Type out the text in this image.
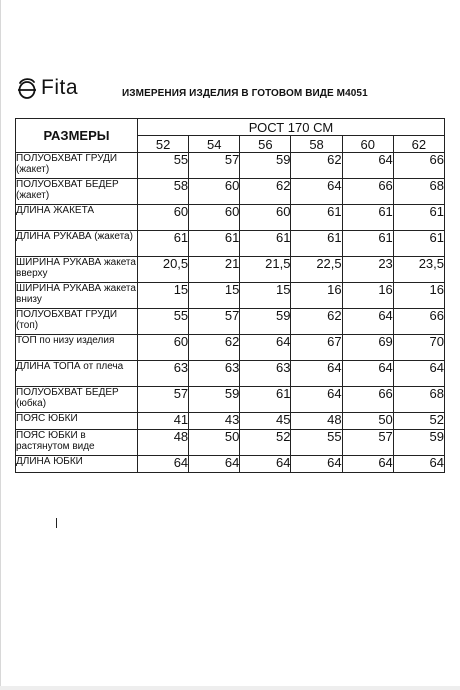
Fita	ИЗМЕРЕНИЯ ИЗДЕЛИЯ В ГОТОВОМ ВИДЕ М4051
РАЗМЕРЫ	РОСТ 170 СМ					
	52	54	56	58	60	62
ПОЛУОБХВАТ ГРУДИ (жакет)	55	57	59	62	64	66
ПОЛУОБХВАТ БЕДЕР (жакет)	58	60	62	64	66	68
ДЛИНА ЖАКЕТА	60	60	60	61	61	61
ДЛИНА РУКАВА (жакета)	61	61	61	61	61	61
ШИРИНА РУКАВА жакета вверху	20,5	21	21,5	22,5	23	23,5
ШИРИНА РУКАВА жакета внизу	15	15	15	16	16	16
ПОЛУОБХВАТ ГРУДИ (топ)	55	57	59	62	64	66
ТОП по низу изделия	60	62	64	67	69	70
ДЛИНА ТОПА от плеча	63	63	63	64	64	64
ПОЛУОБХВАТ БЕДЕР (юбка)	57	59	61	64	66	68
ПОЯС ЮБКИ	41	43	45	48	50	52
ПОЯС ЮБКИ в растянутом виде	48	50	52	55	57	59
ДЛИНА ЮБКИ	64	64	64	64	64	64
